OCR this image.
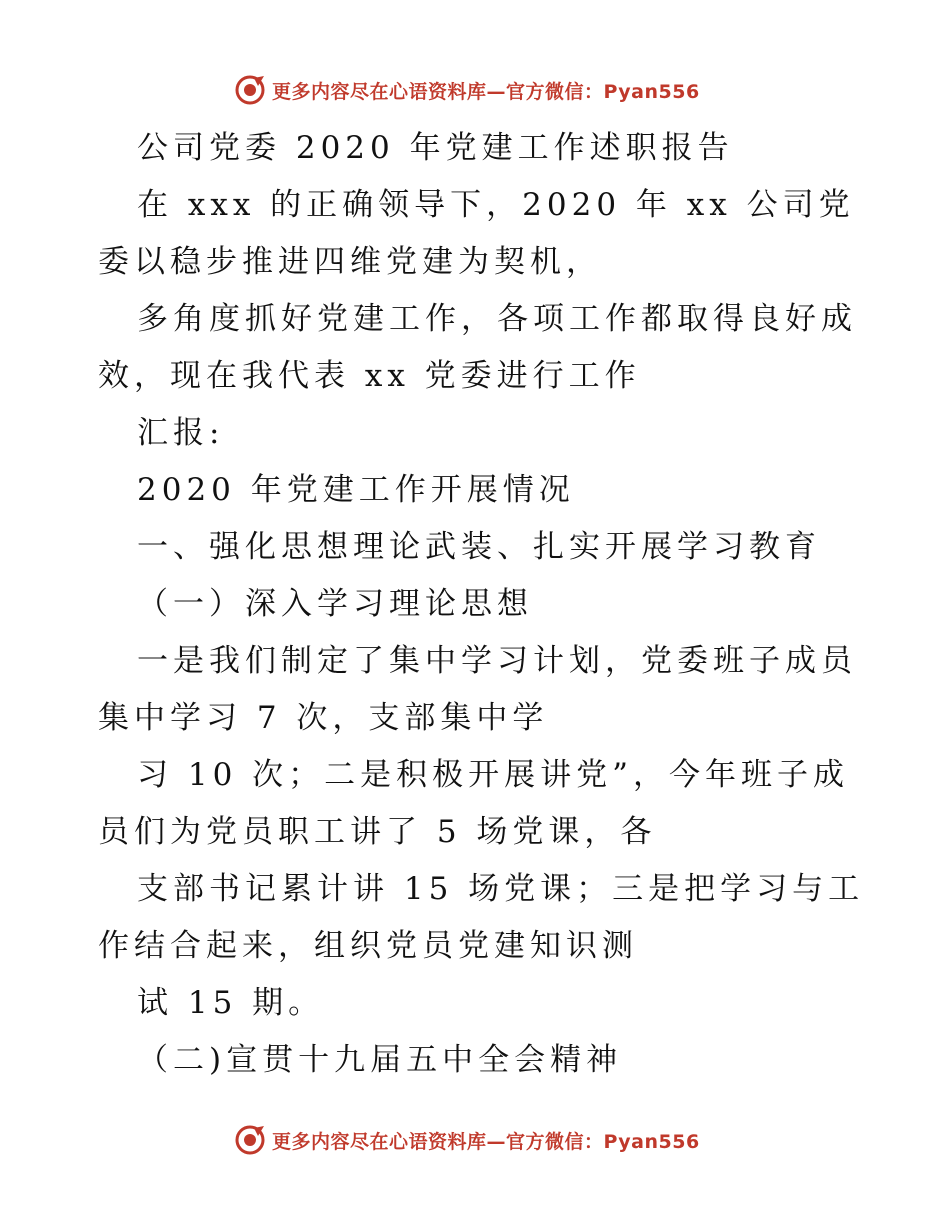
更多内容尽在心语资料库—官方微信：Pyan556

公司党委 2020 年党建工作述职报告

在 xxx 的正确领导下，2020 年 xx 公司党委以稳步推进四维党建为契机，

多角度抓好党建工作，各项工作都取得良好成效，现在我代表 xx 党委进行工作

汇报:

2020 年党建工作开展情况

一、强化思想理论武装、扎实开展学习教育

（一）深入学习理论思想

一是我们制定了集中学习计划，党委班子成员集中学习 7 次，支部集中学

习 10 次；二是积极开展讲党”，今年班子成员们为党员职工讲了 5 场党课，各

支部书记累计讲 15 场党课；三是把学习与工作结合起来，组织党员党建知识测

试 15 期。

（二)宣贯十九届五中全会精神

更多内容尽在心语资料库—官方微信：Pyan556
